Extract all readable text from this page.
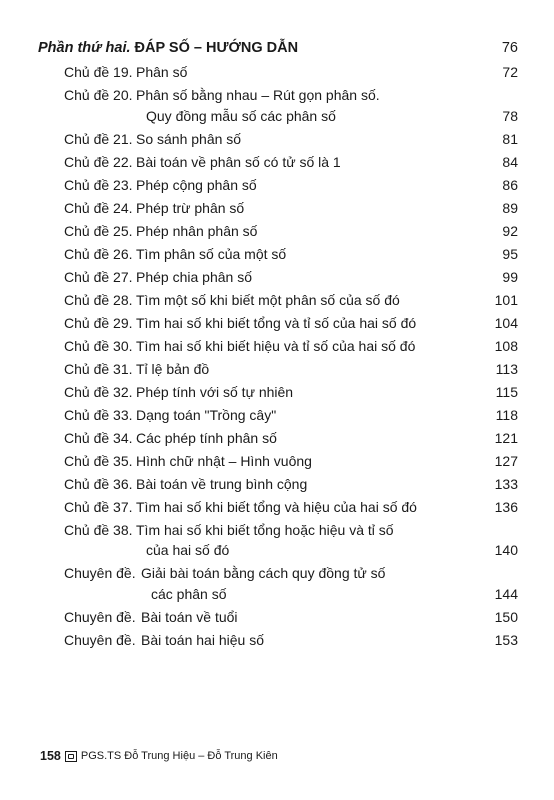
Phần thứ hai. ĐÁP SỐ – HƯỚNG DẪN	76
Chủ đề 19. Phân số	72
Chủ đề 20. Phân số bằng nhau – Rút gọn phân số.
Quy đồng mẫu số các phân số	78
Chủ đề 21. So sánh phân số	81
Chủ đề 22. Bài toán về phân số có tử số là 1	84
Chủ đề 23. Phép cộng phân số	86
Chủ đề 24. Phép trừ phân số	89
Chủ đề 25. Phép nhân phân số	92
Chủ đề 26. Tìm phân số của một số	95
Chủ đề 27. Phép chia phân số	99
Chủ đề 28. Tìm một số khi biết một phân số của số đó	101
Chủ đề 29. Tìm hai số khi biết tổng và tỉ số của hai số đó	104
Chủ đề 30. Tìm hai số khi biết hiệu và tỉ số của hai số đó	108
Chủ đề 31. Tỉ lệ bản đồ	113
Chủ đề 32. Phép tính với số tự nhiên	115
Chủ đề 33. Dạng toán "Trồng cây"	118
Chủ đề 34. Các phép tính phân số	121
Chủ đề 35. Hình chữ nhật – Hình vuông	127
Chủ đề 36. Bài toán về trung bình cộng	133
Chủ đề 37. Tìm hai số khi biết tổng và hiệu của hai số đó	136
Chủ đề 38. Tìm hai số khi biết tổng hoặc hiệu và tỉ số
của hai số đó	140
Chuyên đề. Giải bài toán bằng cách quy đồng tử số
các phân số	144
Chuyên đề. Bài toán về tuổi	150
Chuyên đề. Bài toán hai hiệu số	153
158 PGS.TS Đỗ Trung Hiệu – Đỗ Trung Kiên
